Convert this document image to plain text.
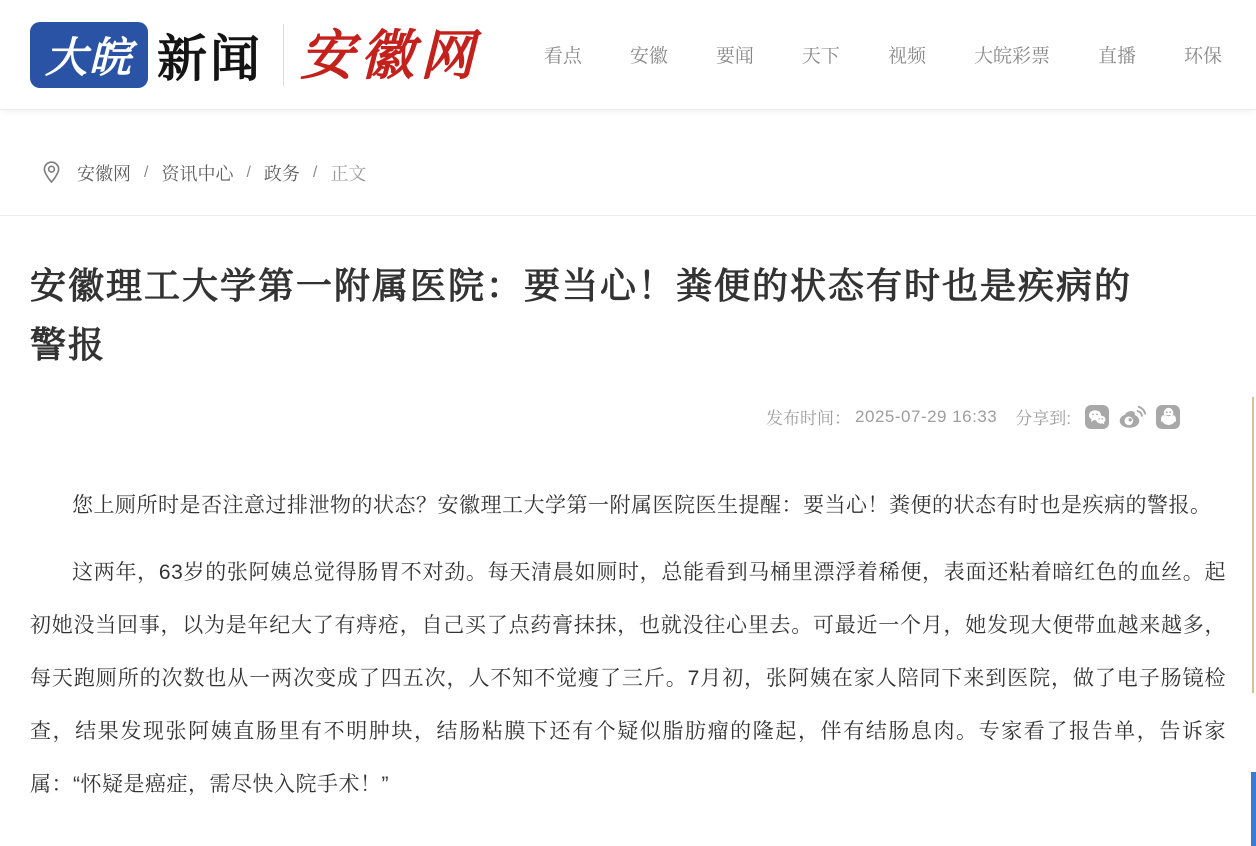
大皖 新闻 安徽网	看点	安徽	要闻	天下	视频	大皖彩票	直播	环保
安徽网 / 资讯中心 / 政务 / 正文
安徽理工大学第一附属医院：要当心！粪便的状态有时也是疾病的警报
发布时间： 2025-07-29 16:33 分享到:

您上厕所时是否注意过排泄物的状态？安徽理工大学第一附属医院医生提醒：要当心！粪便的状态有时也是疾病的警报。

这两年，63岁的张阿姨总觉得肠胃不对劲。每天清晨如厕时，总能看到马桶里漂浮着稀便，表面还粘着暗红色的血丝。起初她没当回事，以为是年纪大了有痔疮，自己买了点药膏抹抹，也就没往心里去。可最近一个月，她发现大便带血越来越多，每天跑厕所的次数也从一两次变成了四五次，人不知不觉瘦了三斤。7月初，张阿姨在家人陪同下来到医院，做了电子肠镜检查，结果发现张阿姨直肠里有不明肿块，结肠粘膜下还有个疑似脂肪瘤的隆起，伴有结肠息肉。专家看了报告单，告诉家属：“怀疑是癌症，需尽快入院手术！”
